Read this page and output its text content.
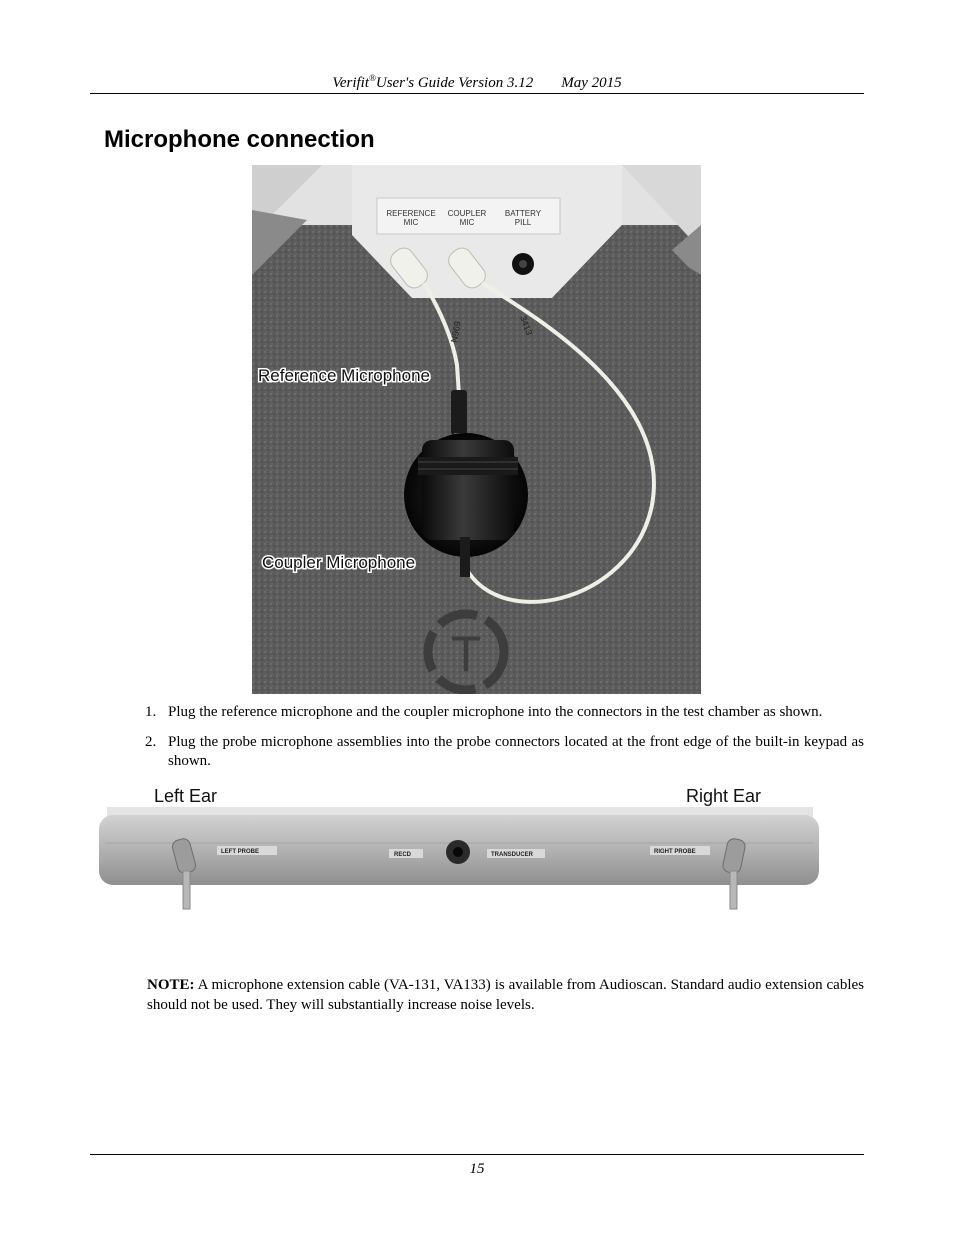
Verifit®User's Guide Version 3.12 May 2015
Microphone connection
REFERENCE
MIC
COUPLER
MIC
BATTERY
PILL
N969	3413
T
Reference Microphone
Coupler Microphone
1. Plug the reference microphone and the coupler microphone into the connectors in the test chamber as shown.
2. Plug the probe microphone assemblies into the probe connectors located at the front edge of the built-in keypad as shown.
LEFT PROBE	RECD	TRANSDUCER	RIGHT PROBE
Left Ear	Right Ear
NOTE: A microphone extension cable (VA-131, VA133) is available from Audioscan. Standard audio extension cables should not be used. They will substantially increase noise levels.
15
